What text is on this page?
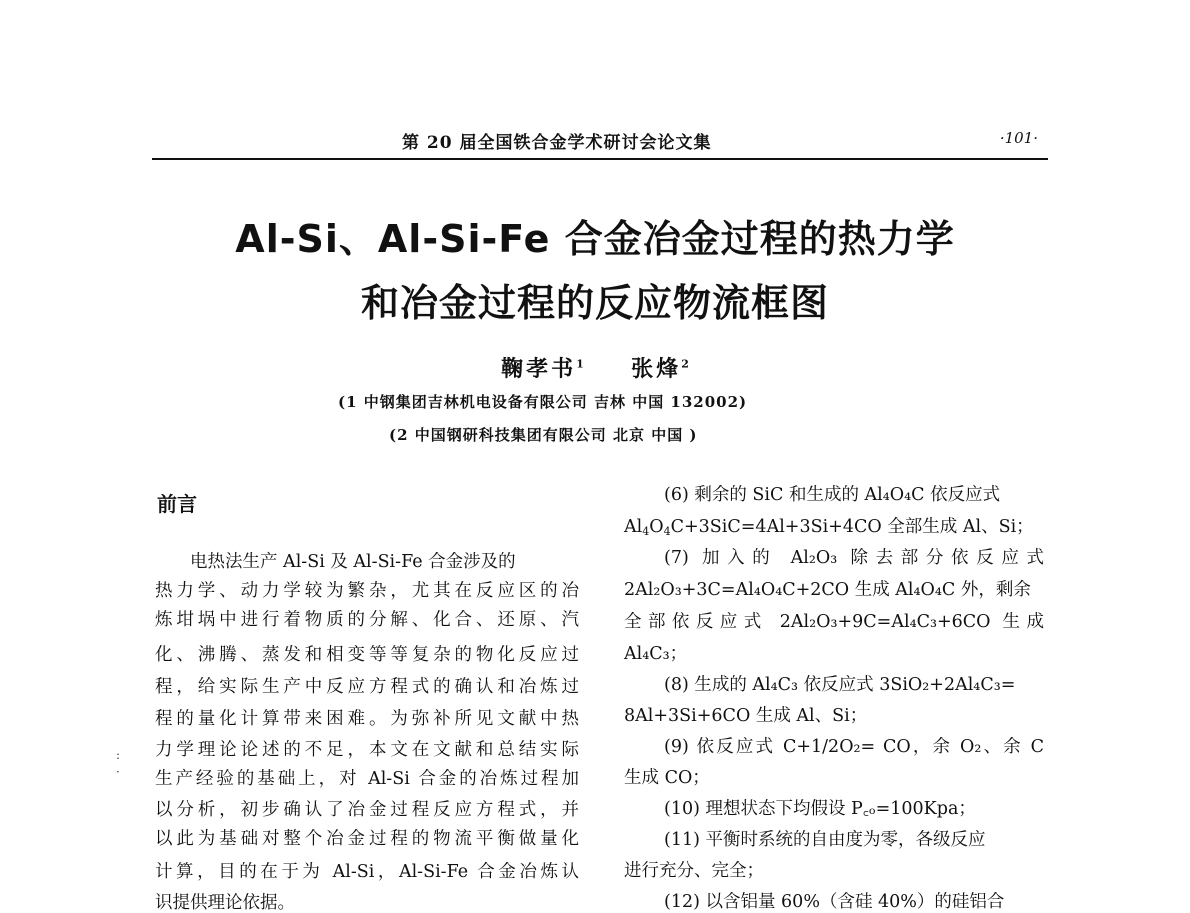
第 20 届全国铁合金学术研讨会论文集	·101·
Al-Si、Al-Si-Fe 合金冶金过程的热力学
和冶金过程的反应物流框图
鞠孝书$^1$ 张烽$^2$
(1 中钢集团吉林机电设备有限公司 吉林 中国 132002)
(2 中国钢研科技集团有限公司 北京 中国 )
前言
:
·
　　电热法生产 Al-Si 及 Al-Si-Fe 合金涉及的
热力学、动力学较为繁杂，尤其在反应区的冶
炼坩埚中进行着物质的分解、化合、还原、汽
化、沸腾、蒸发和相变等等复杂的物化反应过
程，给实际生产中反应方程式的确认和冶炼过
程的量化计算带来困难。为弥补所见文献中热
力学理论论述的不足，本文在文献和总结实际
生产经验的基础上，对 Al-Si 合金的冶炼过程加
以分析，初步确认了冶金过程反应方程式，并
以此为基础对整个冶金过程的物流平衡做量化
计算，目的在于为 Al-Si，Al-Si-Fe 合金冶炼认
识提供理论依据。
(6) 剩余的 SiC 和生成的 Al₄O₄C 依反应式
$Al_4O_4C+3SiC=4Al+3Si+4CO$ 全部生成 Al、Si；
(7) 加入的 Al₂O₃ 除去部分依反应式
2Al₂O₃+3C=Al₄O₄C+2CO 生成 Al₄O₄C 外，剩余
全部依反应式 2Al₂O₃+9C=Al₄C₃+6CO 生成
Al₄C₃；
(8) 生成的 Al₄C₃ 依反应式 3SiO₂+2Al₄C₃=
8Al+3Si+6CO 生成 Al、Si；
(9) 依反应式 C+1/2O₂= CO，余 O₂、余 C
生成 CO；
(10) 理想状态下均假设 P꜀ₒ=100Kpa；
(11) 平衡时系统的自由度为零，各级反应
进行充分、完全；
(12) 以含铝量 60%（含硅 40%）的硅铝合
